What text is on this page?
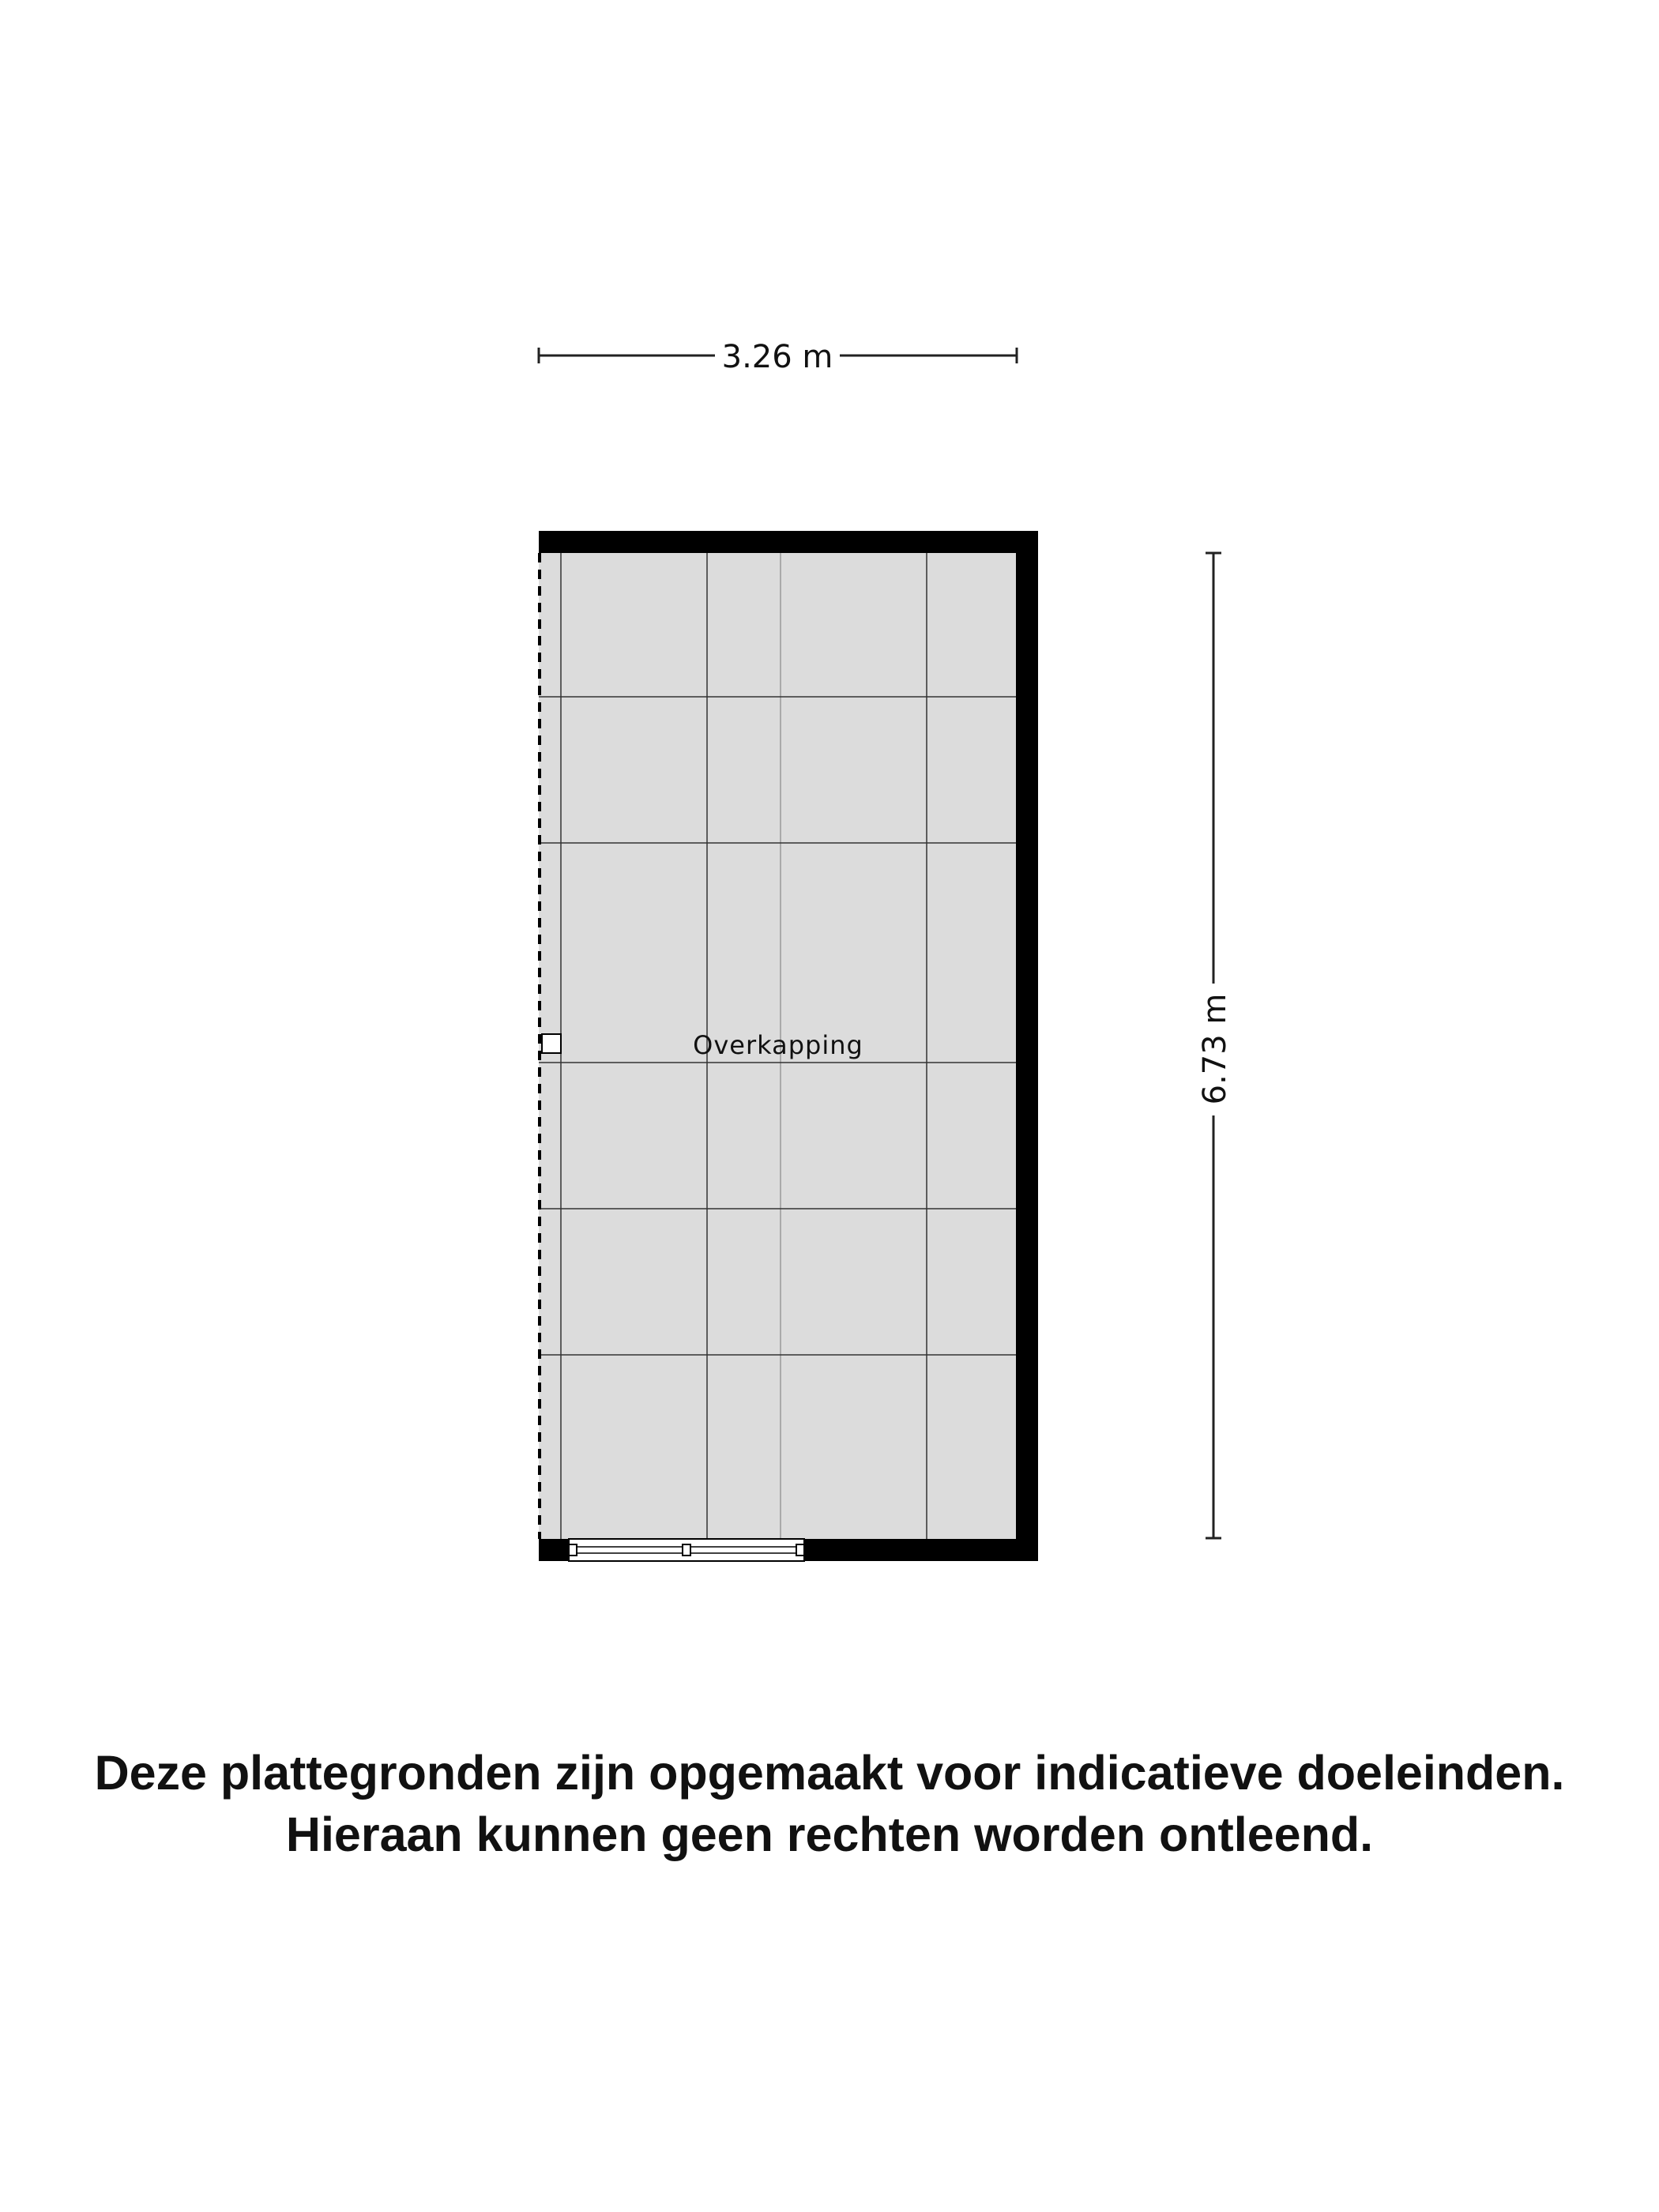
3.26 m
6.73 m
Overkapping
Deze plattegronden zijn opgemaakt voor indicatieve doeleinden.
Hieraan kunnen geen rechten worden ontleend.
